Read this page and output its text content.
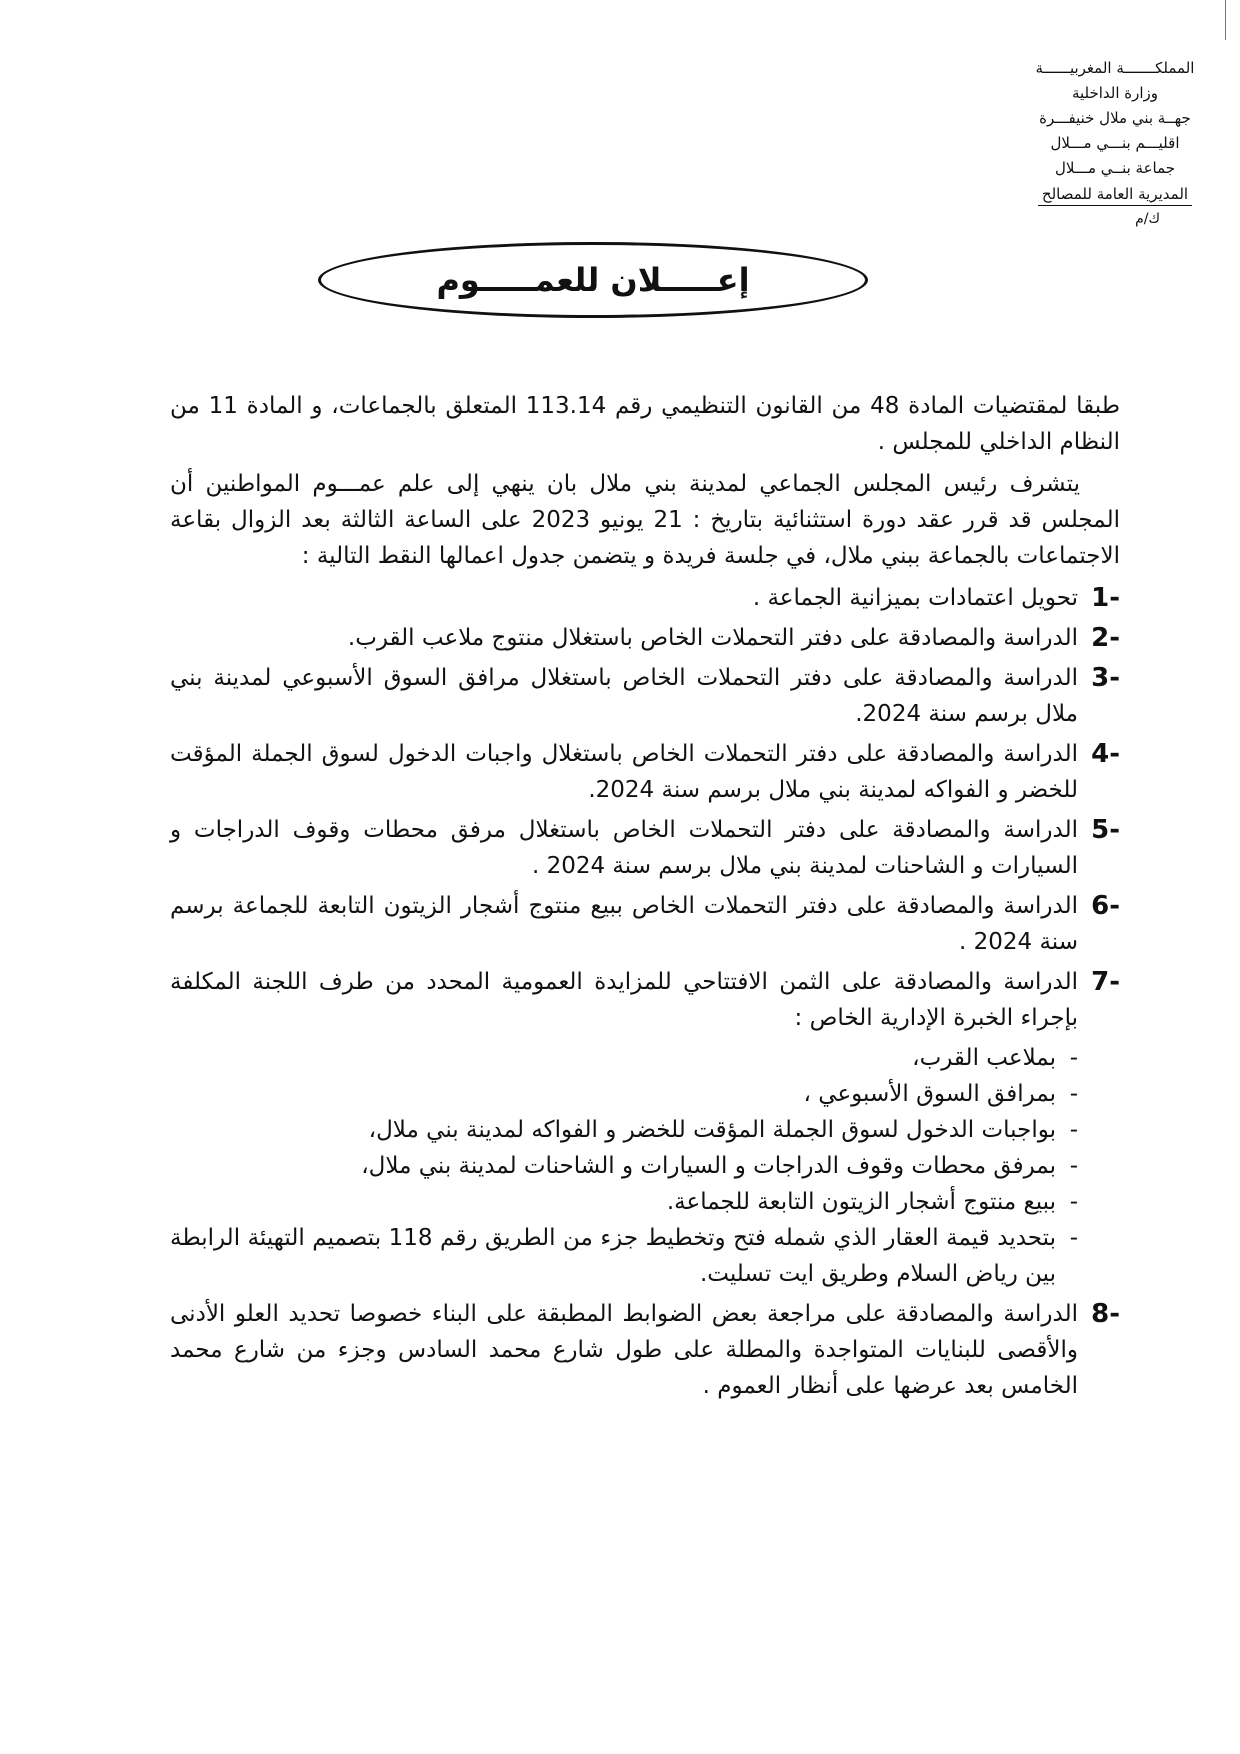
المملكـــــــة المغربيــــــة
وزارة الداخلية
جهــة بني ملال خنيفـــرة
اقليـــم بنـــي مـــلال
جماعة بنــي مـــلال
المديرية العامة للمصالح
ك/م
إعـــــلان للعمـــــوم

طبقا لمقتضيات المادة 48 من القانون التنظيمي رقم 113.14 المتعلق بالجماعات، و المادة 11 من النظام الداخلي للمجلس .

يتشرف رئيس المجلس الجماعي لمدينة بني ملال بان ينهي إلى علم عمـــوم المواطنين أن المجلس قد قرر عقد دورة استثنائية بتاريخ : 21 يونيو 2023 على الساعة الثالثة بعد الزوال بقاعة الاجتماعات بالجماعة ببني ملال، في جلسة فريدة و يتضمن جدول اعمالها النقط التالية :

1-
تحويل اعتمادات بميزانية الجماعة .
2-
الدراسة والمصادقة على دفتر التحملات الخاص باستغلال منتوج ملاعب القرب.
3-
الدراسة والمصادقة على دفتر التحملات الخاص باستغلال مرافق السوق الأسبوعي لمدينة بني ملال برسم سنة 2024.
4-
الدراسة والمصادقة على دفتر التحملات الخاص باستغلال واجبات الدخول لسوق الجملة المؤقت للخضر و الفواكه لمدينة بني ملال برسم سنة 2024.
5-
الدراسة والمصادقة على دفتر التحملات الخاص باستغلال مرفق محطات وقوف الدراجات و السيارات و الشاحنات لمدينة بني ملال برسم سنة 2024 .
6-
الدراسة والمصادقة على دفتر التحملات الخاص ببيع منتوج أشجار الزيتون التابعة للجماعة برسم سنة 2024 .
7-
الدراسة والمصادقة على الثمن الافتتاحي للمزايدة العمومية المحدد من طرف اللجنة المكلفة بإجراء الخبرة الإدارية الخاص :
- بملاعب القرب،
- بمرافق السوق الأسبوعي ،
- بواجبات الدخول لسوق الجملة المؤقت للخضر و الفواكه لمدينة بني ملال،
- بمرفق محطات وقوف الدراجات و السيارات و الشاحنات لمدينة بني ملال،
- ببيع منتوج أشجار الزيتون التابعة للجماعة.
- بتحديد قيمة العقار الذي شمله فتح وتخطيط جزء من الطريق رقم 118 بتصميم التهيئة الرابطة بين رياض السلام وطريق ايت تسليت.
8-
الدراسة والمصادقة على مراجعة بعض الضوابط المطبقة على البناء خصوصا تحديد العلو الأدنى والأقصى للبنايات المتواجدة والمطلة على طول شارع محمد السادس وجزء من شارع محمد الخامس بعد عرضها على أنظار العموم .
